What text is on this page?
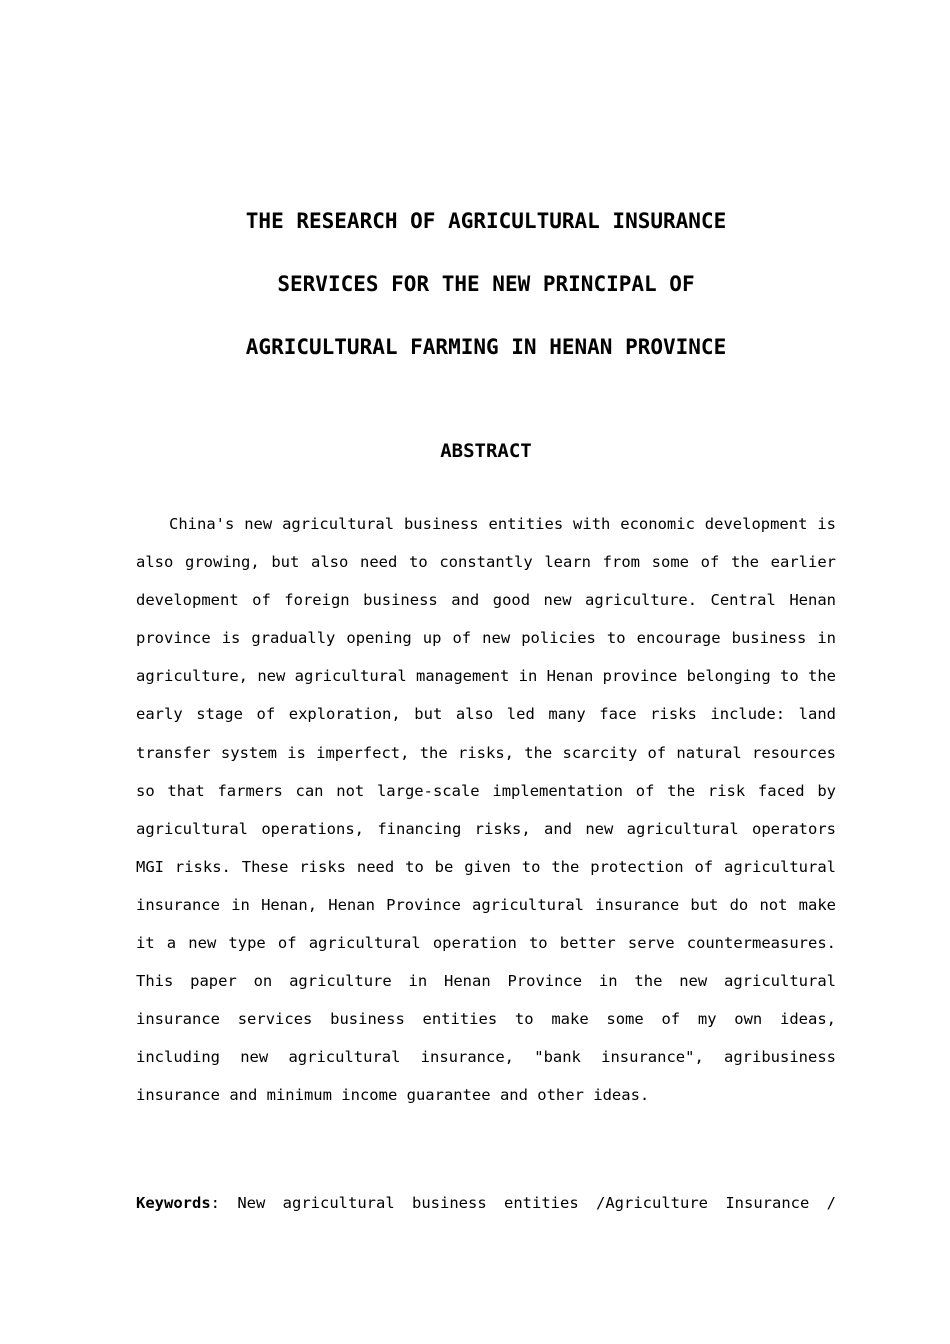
THE RESEARCH OF AGRICULTURAL INSURANCE
SERVICES FOR THE NEW PRINCIPAL OF
AGRICULTURAL FARMING IN HENAN PROVINCE
ABSTRACT

China's new agricultural business entities with economic development is also growing, but also need to constantly learn from some of the earlier development of foreign business and good new agriculture. Central Henan province is gradually opening up of new policies to encourage business in agriculture, new agricultural management in Henan province belonging to the early stage of exploration, but also led many face risks include: land transfer system is imperfect, the risks, the scarcity of natural resources so that farmers can not large-scale implementation of the risk faced by agricultural operations, financing risks, and new agricultural operators MGI risks. These risks need to be given to the protection of agricultural insurance in Henan, Henan Province agricultural insurance but do not make it a new type of agricultural operation to better serve countermeasures. This paper on agriculture in Henan Province in the new agricultural insurance services business entities to make some of my own ideas, including new agricultural insurance, "bank insurance", agribusiness insurance and minimum income guarantee and other ideas.

Keywords: New agricultural business entities /Agriculture Insurance /
